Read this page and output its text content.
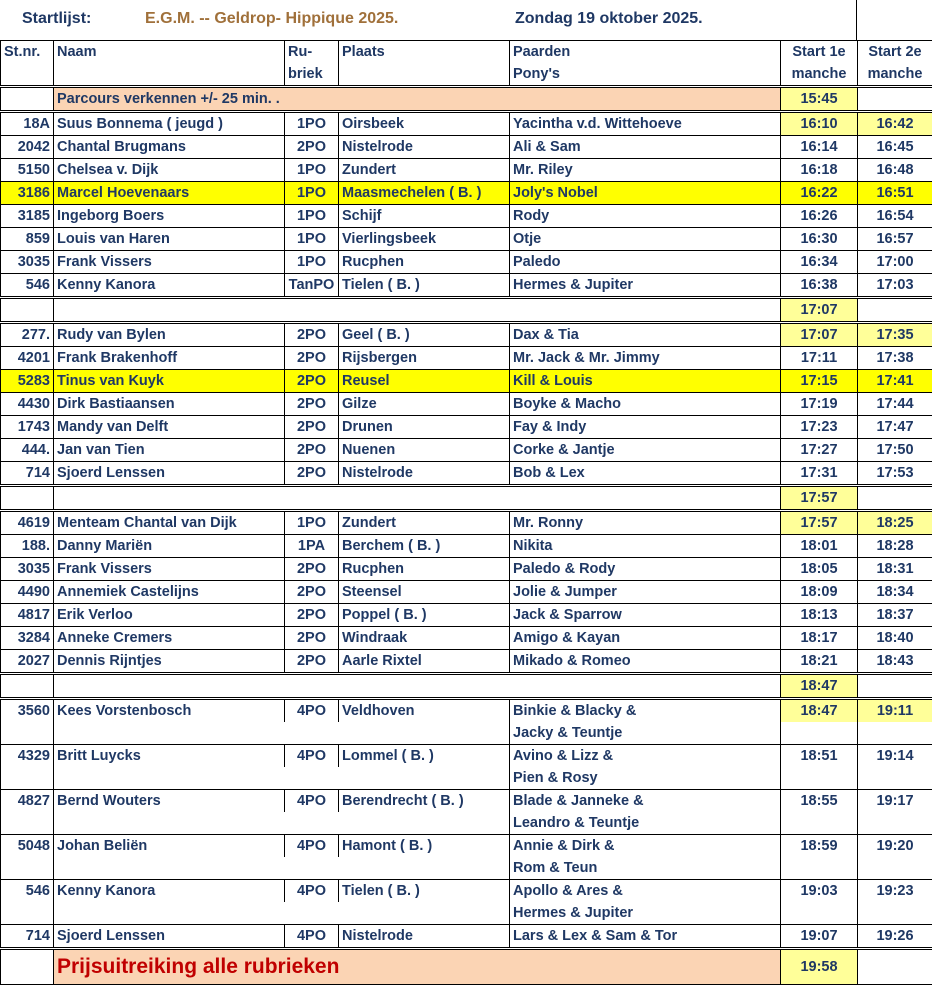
Startlijst:	E.G.M. -- Geldrop- Hippique 2025.	Zondag 19 oktober 2025.
St.nr.	Naam	Ru-	Plaats	Paarden	Start 1e	Start 2e
		briek		Pony's	manche	manche
	Parcours verkennen +/- 25 min. .				15:45	
18A	Suus Bonnema ( jeugd )	1PO	Oirsbeek	Yacintha v.d. Wittehoeve	16:10	16:42
2042	Chantal Brugmans	2PO	Nistelrode	Ali & Sam	16:14	16:45
5150	Chelsea v. Dijk	1PO	Zundert	Mr. Riley	16:18	16:48
3186	Marcel Hoevenaars	1PO	Maasmechelen ( B. )	Joly's Nobel	16:22	16:51
3185	Ingeborg Boers	1PO	Schijf	Rody	16:26	16:54
859	Louis van Haren	1PO	Vierlingsbeek	Otje	16:30	16:57
3035	Frank Vissers	1PO	Rucphen	Paledo	16:34	17:00
546	Kenny Kanora	TanPO	Tielen ( B. )	Hermes & Jupiter	16:38	17:03
					17:07	
277.	Rudy van Bylen	2PO	Geel ( B. )	Dax & Tia	17:07	17:35
4201	Frank Brakenhoff	2PO	Rijsbergen	Mr. Jack & Mr. Jimmy	17:11	17:38
5283	Tinus van Kuyk	2PO	Reusel	Kill & Louis	17:15	17:41
4430	Dirk Bastiaansen	2PO	Gilze	Boyke & Macho	17:19	17:44
1743	Mandy van Delft	2PO	Drunen	Fay & Indy	17:23	17:47
444.	Jan van Tien	2PO	Nuenen	Corke & Jantje	17:27	17:50
714	Sjoerd Lenssen	2PO	Nistelrode	Bob & Lex	17:31	17:53
					17:57	
4619	Menteam Chantal van Dijk	1PO	Zundert	Mr. Ronny	17:57	18:25
188.	Danny Mariën	1PA	Berchem ( B. )	Nikita	18:01	18:28
3035	Frank Vissers	2PO	Rucphen	Paledo & Rody	18:05	18:31
4490	Annemiek Castelijns	2PO	Steensel	Jolie & Jumper	18:09	18:34
4817	Erik Verloo	2PO	Poppel ( B. )	Jack & Sparrow	18:13	18:37
3284	Anneke Cremers	2PO	Windraak	Amigo & Kayan	18:17	18:40
2027	Dennis Rijntjes	2PO	Aarle Rixtel	Mikado & Romeo	18:21	18:43
					18:47	
3560	Kees Vorstenbosch	4PO	Veldhoven	Binkie & Blacky &	18:47	19:11
				Jacky & Teuntje		
4329	Britt Luycks	4PO	Lommel ( B. )	Avino & Lizz &	18:51	19:14
				Pien & Rosy		
4827	Bernd Wouters	4PO	Berendrecht ( B. )	Blade & Janneke &	18:55	19:17
				Leandro & Teuntje		
5048	Johan Beliën	4PO	Hamont ( B. )	Annie & Dirk &	18:59	19:20
				Rom & Teun		
546	Kenny Kanora	4PO	Tielen ( B. )	Apollo & Ares &	19:03	19:23
				Hermes & Jupiter		
714	Sjoerd Lenssen	4PO	Nistelrode	Lars & Lex & Sam & Tor	19:07	19:26
	Prijsuitreiking alle rubrieken				19:58	
